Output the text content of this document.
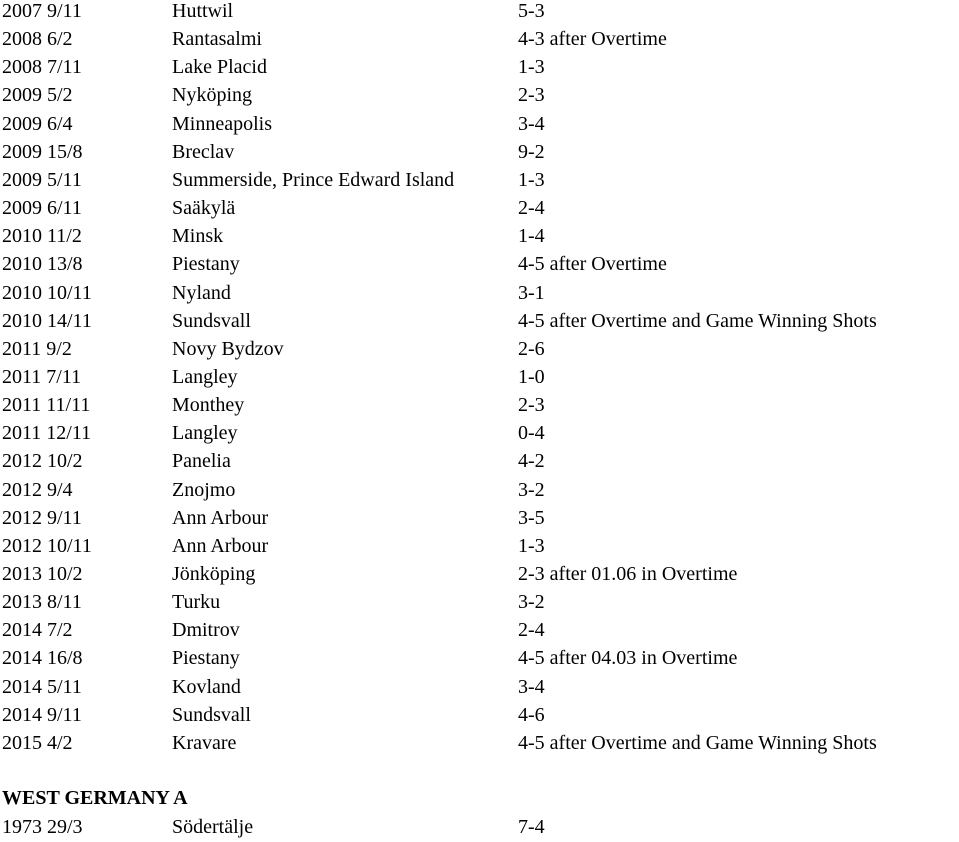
2007 9/11	Huttwil	5-3
2008 6/2	Rantasalmi	4-3 after Overtime
2008 7/11	Lake Placid	1-3
2009 5/2	Nyköping	2-3
2009 6/4	Minneapolis	3-4
2009 15/8	Breclav	9-2
2009 5/11	Summerside, Prince Edward Island	1-3
2009 6/11	Saäkylä	2-4
2010 11/2	Minsk	1-4
2010 13/8	Piestany	4-5 after Overtime
2010 10/11	Nyland	3-1
2010 14/11	Sundsvall	4-5 after Overtime and Game Winning Shots
2011 9/2	Novy Bydzov	2-6
2011 7/11	Langley	1-0
2011 11/11	Monthey	2-3
2011 12/11	Langley	0-4
2012 10/2	Panelia	4-2
2012 9/4	Znojmo	3-2
2012 9/11	Ann Arbour	3-5
2012 10/11	Ann Arbour	1-3
2013 10/2	Jönköping	2-3 after 01.06 in Overtime
2013 8/11	Turku	3-2
2014 7/2	Dmitrov	2-4
2014 16/8	Piestany	4-5 after 04.03 in Overtime
2014 5/11	Kovland	3-4
2014 9/11	Sundsvall	4-6
2015 4/2	Kravare	4-5 after Overtime and Game Winning Shots
WEST GERMANY A
1973 29/3	Södertälje	7-4
